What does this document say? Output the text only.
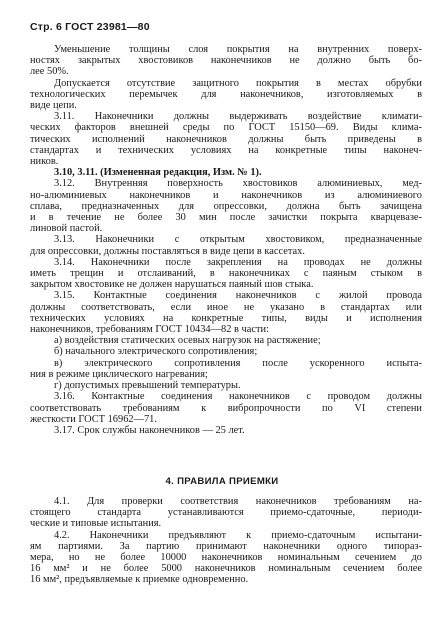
Стр. 6 ГОСТ 23981—80
Уменьшение толщины слоя покрытия на внутренних поверх-
ностях закрытых хвостовиков наконечников не должно быть бо-
лее 50%.
Допускается отсутствие защитного покрытия в местах обрубки
технологических перемычек для наконечников, изготовляемых в
виде цепи.
3.11. Наконечники должны выдерживать воздействие климати-
ческих факторов внешней среды по ГОСТ 15150—69. Виды клима-
тических исполнений наконечников должны быть приведены в
стандартах и технических условиях на конкретные типы наконеч-
ников.
3.10, 3.11. (Измененная редакция, Изм. № 1).
3.12. Внутренняя поверхность хвостовиков алюминиевых, мед-
но-алюминиевых наконечников и наконечников из алюминиевого
сплава, предназначенных для опрессовки, должна быть зачищена
и в течение не более 30 мин после зачистки покрыта кварцевазе-
линовой пастой.
3.13. Наконечники с открытым хвостовиком, предназначенные
для опрессовки, должны поставляться в виде цепи в кассетах.
3.14. Наконечники после закрепления на проводах не должны
иметь трещин и отслаиваний, в наконечниках с паяным стыком в
закрытом хвостовике не должен нарушаться паяный шов стыка.
3.15. Контактные соединения наконечников с жилой провода
должны соответствовать, если иное не указано в стандартах или
технических условиях на конкретные типы, виды и исполнения
наконечников, требованиям ГОСТ 10434—82 в части:
а) воздействия статических осевых нагрузок на растяжение;
б) начального электрического сопротивления;
в) электрического сопротивления после ускоренного испыта-
ния в режиме циклического нагревания;
г) допустимых превышений температуры.
3.16. Контактные соединения наконечников с проводом должны
соответствовать требованиям к вибропрочности по VI степени
жесткости ГОСТ 16962—71.
3.17. Срок службы наконечников — 25 лет.
4. ПРАВИЛА ПРИЕМКИ
4.1. Для проверки соответствия наконечников требованиям на-
стоящего стандарта устанавливаются приемо-сдаточные, периоди-
ческие и типовые испытания.
4.2. Наконечники предъявляют к приемо-сдаточным испытани-
ям партиями. За партию принимают наконечники одного типораз-
мера, но не более 10000 наконечников номинальным сечением до
16 мм² и не более 5000 наконечников номинальным сечением более
16 мм², предъявляемые к приемке одновременно.
